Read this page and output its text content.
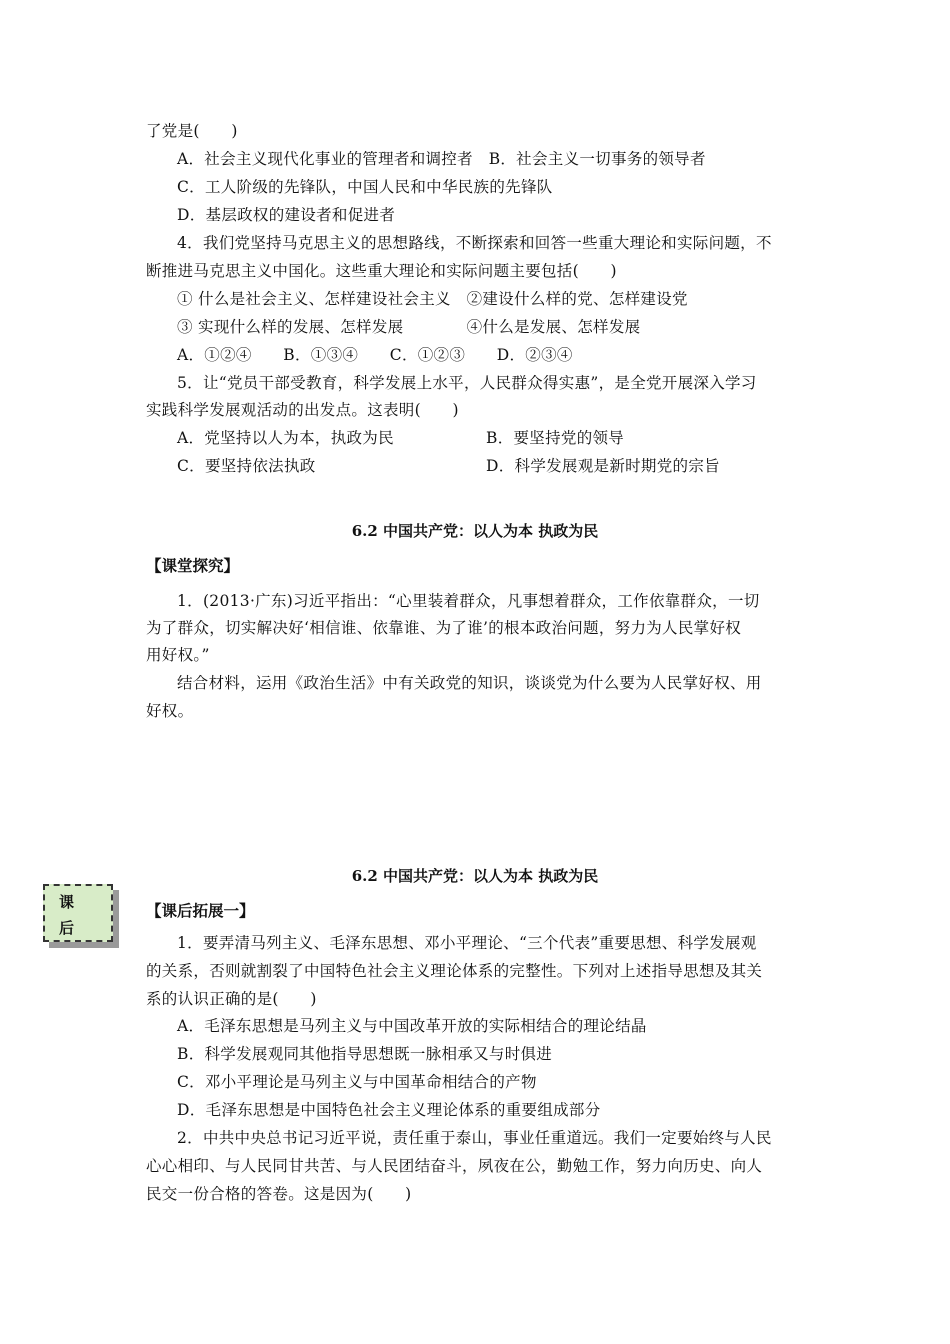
了党是(　　)
A．社会主义现代化事业的管理者和调控者　B．社会主义一切事务的领导者
C．工人阶级的先锋队，中国人民和中华民族的先锋队
D．基层政权的建设者和促进者
4．我们党坚持马克思主义的思想路线，不断探索和回答一些重大理论和实际问题，不
断推进马克思主义中国化。这些重大理论和实际问题主要包括(　　)
① 什么是社会主义、怎样建设社会主义　②建设什么样的党、怎样建设党
③ 实现什么样的发展、怎样发展　　　　④什么是发展、怎样发展
A．①②④　　B．①③④　　C．①②③　　D．②③④
5．让“党员干部受教育，科学发展上水平，人民群众得实惠”，是全党开展深入学习
实践科学发展观活动的出发点。这表明(　　)
A．党坚持以人为本，执政为民	B．要坚持党的领导
C．要坚持依法执政	D．科学发展观是新时期党的宗旨
6.2 中国共产党：以人为本 执政为民
【课堂探究】
1．(2013·广东)习近平指出：“心里装着群众，凡事想着群众，工作依靠群众，一切
为了群众，切实解决好‘相信谁、依靠谁、为了谁’的根本政治问题，努力为人民掌好权
用好权。”
结合材料，运用《政治生活》中有关政党的知识，谈谈党为什么要为人民掌好权、用
好权。
课
后
6.2 中国共产党：以人为本 执政为民
【课后拓展一】
1．要弄清马列主义、毛泽东思想、邓小平理论、“三个代表”重要思想、科学发展观
的关系，否则就割裂了中国特色社会主义理论体系的完整性。下列对上述指导思想及其关
系的认识正确的是(　　)
A．毛泽东思想是马列主义与中国改革开放的实际相结合的理论结晶
B．科学发展观同其他指导思想既一脉相承又与时俱进
C．邓小平理论是马列主义与中国革命相结合的产物
D．毛泽东思想是中国特色社会主义理论体系的重要组成部分
2．中共中央总书记习近平说，责任重于泰山，事业任重道远。我们一定要始终与人民
心心相印、与人民同甘共苦、与人民团结奋斗，夙夜在公，勤勉工作，努力向历史、向人
民交一份合格的答卷。这是因为(　　)
